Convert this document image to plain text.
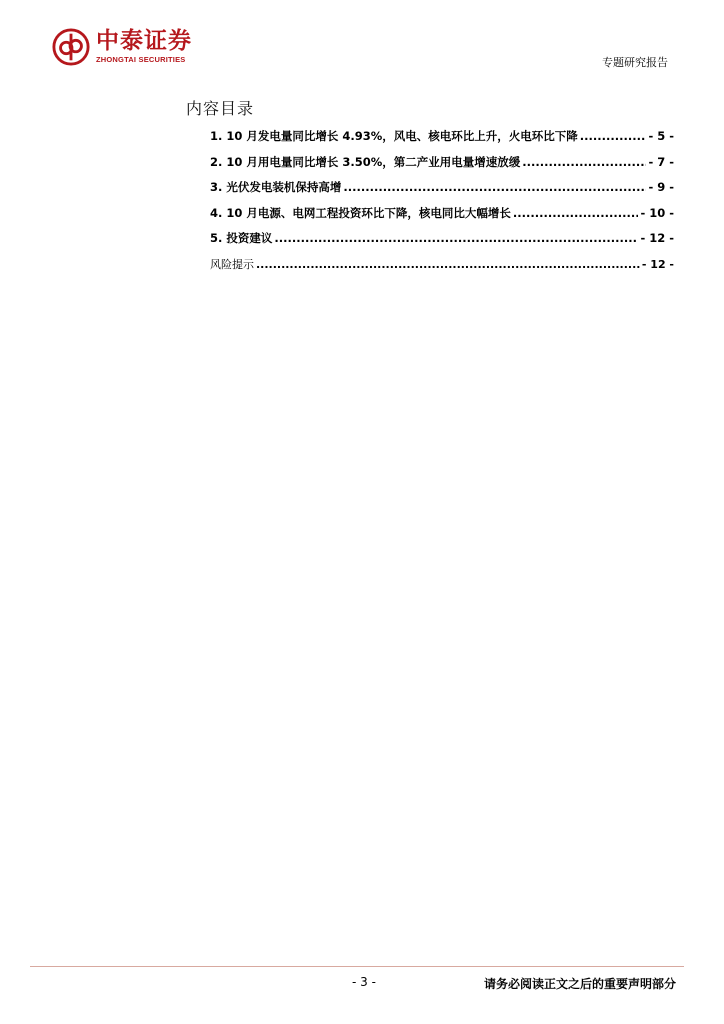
中泰证券
ZHONGTAI SECURITIES	专题研究报告
内容目录
1. 10 月发电量同比增长 4.93%，风电、核电环比上升，火电环比下降 .....	- 5 -
2. 10 月用电量同比增长 3.50%，第二产业用电量增速放缓 .....	- 7 -
3. 光伏发电装机保持高增 .....	- 9 -
4. 10 月电源、电网工程投资环比下降，核电同比大幅增长 .....	- 10 -
5. 投资建议 .....	- 12 -
风险提示 .....	- 12 -
- 3 -	请务必阅读正文之后的重要声明部分
